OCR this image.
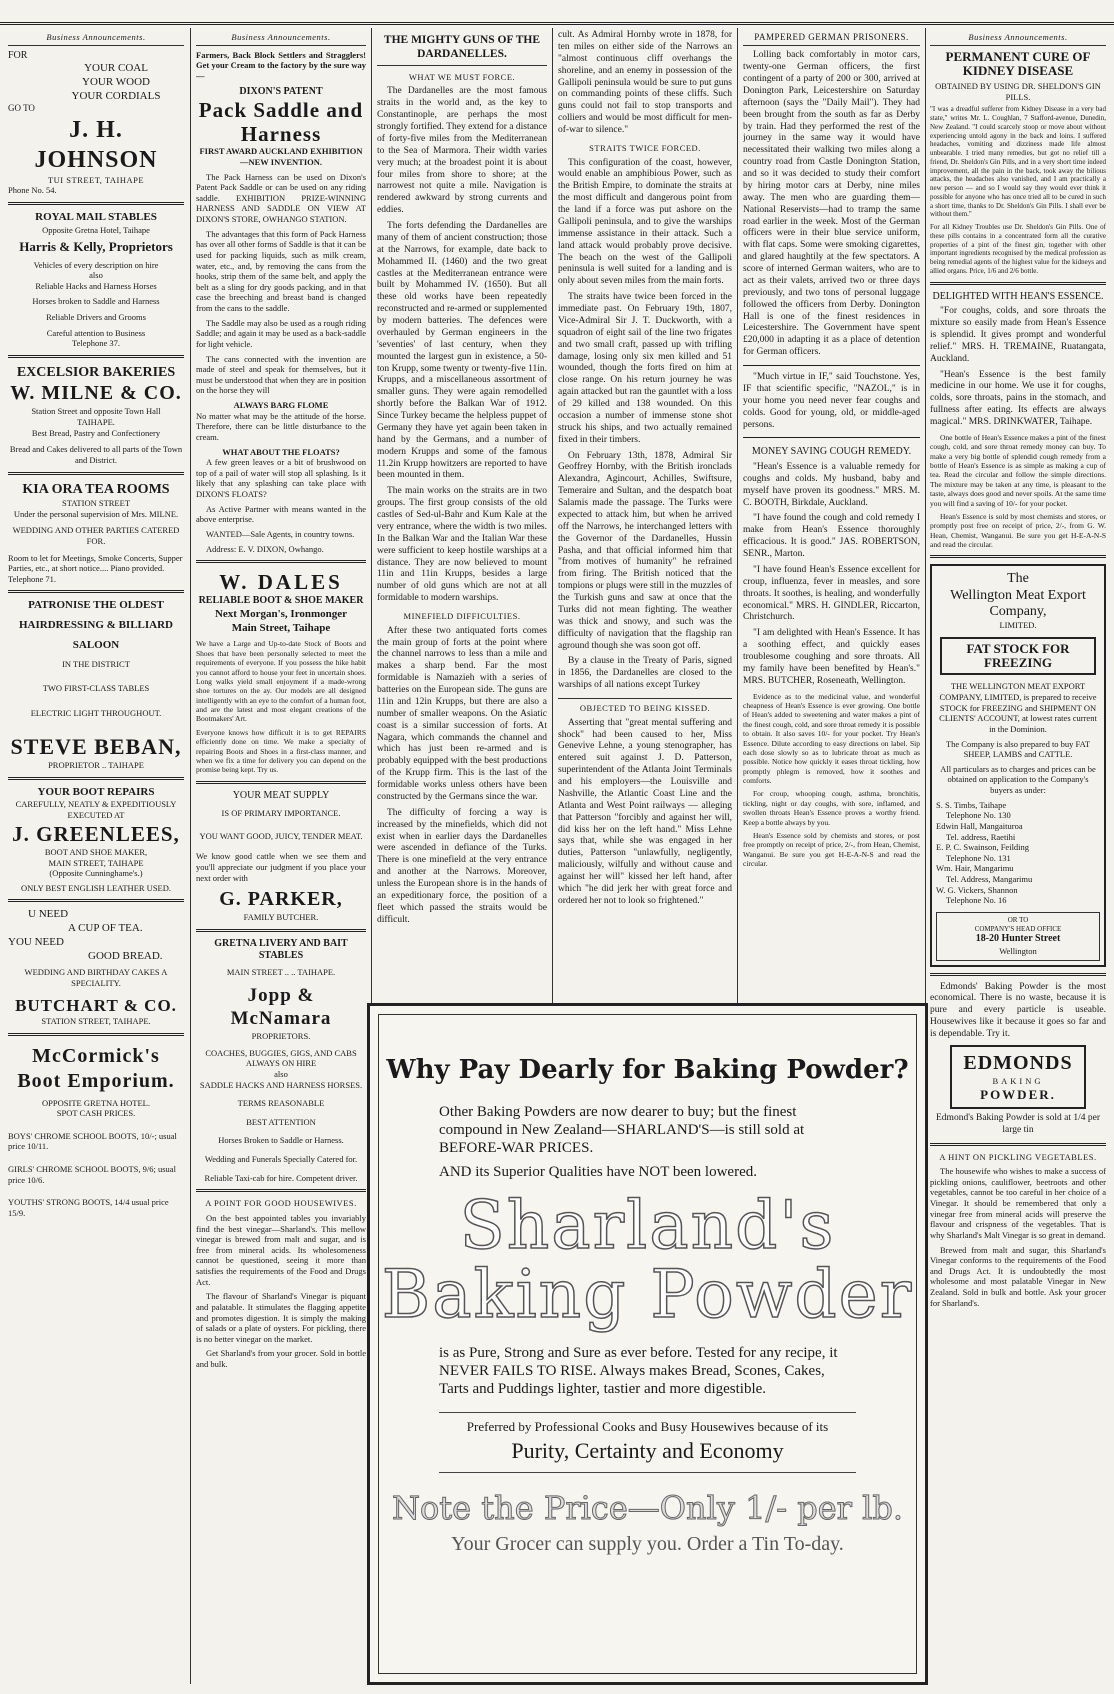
Business Announcements.
FOR
YOUR COAL
YOUR WOOD
YOUR CORDIALS
GO TO
J. H. JOHNSON
TUI STREET, TAIHAPE
Phone No. 54.
ROYAL MAIL STABLES
Opposite Gretna Hotel, Taihape
Harris & Kelly, Proprietors
Vehicles of every description on hire
also
Reliable Hacks and Harness Horses
Horses broken to Saddle and Harness
Reliable Drivers and Grooms
Careful attention to Business
Telephone 37.
EXCELSIOR BAKERIES
W. MILNE & CO.
Station Street and opposite Town Hall
TAIHAPE.
Best Bread, Pastry and Confectionery
Bread and Cakes delivered to all parts of the Town and District.
KIA ORA TEA ROOMS
STATION STREET
Under the personal supervision of Mrs. MILNE.
WEDDING AND OTHER PARTIES CATERED FOR.
Room to let for Meetings, Smoke Concerts, Supper Parties, etc., at short notice.... Piano provided.
Telephone 71.
PATRONISE THE OLDEST
HAIRDRESSING & BILLIARD
SALOON
IN THE DISTRICT
TWO FIRST-CLASS TABLES
ELECTRIC LIGHT THROUGHOUT.
STEVE BEBAN,
PROPRIETOR .. TAIHAPE
YOUR BOOT REPAIRS
CAREFULLY, NEATLY & EXPEDITIOUSLY EXECUTED AT
J. GREENLEES,
BOOT AND SHOE MAKER,
MAIN STREET, TAIHAPE
(Opposite Cunninghame's.)
ONLY BEST ENGLISH LEATHER USED.
U NEED
A CUP OF TEA.
YOU NEED
GOOD BREAD.
WEDDING AND BIRTHDAY CAKES A SPECIALITY.
BUTCHART & CO.
STATION STREET, TAIHAPE.
McCormick's
Boot Emporium.
OPPOSITE GRETNA HOTEL.
SPOT CASH PRICES.
BOYS' CHROME SCHOOL BOOTS, 10/-; usual price 10/11.
GIRLS' CHROME SCHOOL BOOTS, 9/6; usual price 10/6.
YOUTHS' STRONG BOOTS, 14/4 usual price 15/9.
Business Announcements.

Farmers, Back Block Settlers and Stragglers! Get your Cream to the factory by the sure way—

DIXON'S PATENT
Pack Saddle and Harness

FIRST AWARD AUCKLAND EXHIBITION—NEW INVENTION.

The Pack Harness can be used on Dixon's Patent Pack Saddle or can be used on any riding saddle. EXHIBITION PRIZE-WINNING HARNESS AND SADDLE ON VIEW AT DIXON'S STORE, OWHANGO STATION.

The advantages that this form of Pack Harness has over all other forms of Saddle is that it can be used for packing liquids, such as milk cream, water, etc., and, by removing the cans from the hooks, strip them of the same belt, and apply the belt as a sling for dry goods packing, and in that case the breeching and breast band is changed from the cans to the saddle.

The Saddle may also be used as a rough riding Saddle; and again it may be used as a back-saddle for light vehicle.

The cans connected with the invention are made of steel and speak for themselves, but it must be understood that when they are in position on the horse they will

ALWAYS BARG FLOME

No matter what may be the attitude of the horse. Therefore, there can be little disturbance to the cream.

WHAT ABOUT THE FLOATS?

A few green leaves or a bit of brushwood on top of a pail of water will stop all splashing. Is it likely that any splashing can take place with DIXON'S FLOATS?

As Active Partner with means wanted in the above enterprise.

WANTED—Sale Agents, in country towns.

Address: E. V. DIXON, Owhango.

W. DALES
RELIABLE BOOT & SHOE MAKER
Next Morgan's, Ironmonger
Main Street, Taihape

We have a Large and Up-to-date Stock of Boots and Shoes that have been personally selected to meet the requirements of everyone. If you possess the hike habit you cannot afford to house your feet in uncertain shoes. Long walks yield small enjoyment if a made-wrong shoe tortures on the ay. Our models are all designed intelligently with an eye to the comfort of a human foot, and are the latest and most elegant creations of the Bootmakers' Art.

Everyone knows how difficult it is to get REPAIRS efficiently done on time. We make a specialty of repairing Boots and Shoes in a first-class manner, and when we fix a time for delivery you can depend on the promise being kept. Try us.

YOUR MEAT SUPPLY
IS OF PRIMARY IMPORTANCE.
YOU WANT GOOD, JUICY, TENDER MEAT.

We know good cattle when we see them and you'll appreciate our judgment if you place your next order with

G. PARKER,
FAMILY BUTCHER.
GRETNA LIVERY AND BAIT STABLES
MAIN STREET .. .. TAIHAPE.
Jopp & McNamara
PROPRIETORS.
COACHES, BUGGIES, GIGS, AND CABS ALWAYS ON HIRE
also
SADDLE HACKS AND HARNESS HORSES.
TERMS REASONABLE
BEST ATTENTION
Horses Broken to Saddle or Harness.
Wedding and Funerals Specially Catered for.
Reliable Taxi-cab for hire. Competent driver.
A POINT FOR GOOD HOUSEWIVES.

On the best appointed tables you invariably find the best vinegar—Sharland's. This mellow vinegar is brewed from malt and sugar, and is free from mineral acids. Its wholesomeness cannot be questioned, seeing it more than satisfies the requirements of the Food and Drugs Act.

The flavour of Sharland's Vinegar is piquant and palatable. It stimulates the flagging appetite and promotes digestion. It is simply the making of salads or a plate of oysters. For pickling, there is no better vinegar on the market.

Get Sharland's from your grocer. Sold in bottle and bulk.

THE MIGHTY GUNS OF THE DARDANELLES.
WHAT WE MUST FORCE.

The Dardanelles are the most famous straits in the world and, as the key to Constantinople, are perhaps the most strongly fortified. They extend for a distance of forty-five miles from the Mediterranean to the Sea of Marmora. Their width varies very much; at the broadest point it is about four miles from shore to shore; at the narrowest not quite a mile. Navigation is rendered awkward by strong currents and eddies.

The forts defending the Dardanelles are many of them of ancient construction; those at the Narrows, for example, date back to Mohammed II. (1460) and the two great castles at the Mediterranean entrance were built by Mohammed IV. (1650). But all these old works have been repeatedly reconstructed and re-armed or supplemented by modern batteries. The defences were overhauled by German engineers in the 'seventies' of last century, when they mounted the largest gun in existence, a 50-ton Krupp, some twenty or twenty-five 11in. Krupps, and a miscellaneous assortment of smaller guns. They were again remodelled shortly before the Balkan War of 1912. Since Turkey became the helpless puppet of Germany they have yet again been taken in hand by the Germans, and a number of modern Krupps and some of the famous 11.2in Krupp howitzers are reported to have been mounted in them.

The main works on the straits are in two groups. The first group consists of the old castles of Sed-ul-Bahr and Kum Kale at the very entrance, where the width is two miles. In the Balkan War and the Italian War these were sufficient to keep hostile warships at a distance. They are now believed to mount 11in and 11in Krupps, besides a large number of old guns which are not at all formidable to modern warships.

MINEFIELD DIFFICULTIES.

After these two antiquated forts comes the main group of forts at the point where the channel narrows to less than a mile and makes a sharp bend. Far the most formidable is Namazieh with a series of batteries on the European side. The guns are 11in and 12in Krupps, but there are also a number of smaller weapons. On the Asiatic coast is a similar succession of forts. At Nagara, which commands the channel and which has just been re-armed and is probably equipped with the best productions of the Krupp firm. This is the last of the formidable works unless others have been constructed by the Germans since the war.

The difficulty of forcing a way is increased by the minefields, which did not exist when in earlier days the Dardanelles were ascended in defiance of the Turks. There is one minefield at the very entrance and another at the Narrows. Moreover, unless the European shore is in the hands of an expeditionary force, the position of a fleet which passed the straits would be difficult.

cult. As Admiral Hornby wrote in 1878, for ten miles on either side of the Narrows an "almost continuous cliff overhangs the shoreline, and an enemy in possession of the Gallipoli peninsula would be sure to put guns on commanding points of these cliffs. Such guns could not fail to stop transports and colliers and would be most difficult for men-of-war to silence."

STRAITS TWICE FORCED.

This configuration of the coast, however, would enable an amphibious Power, such as the British Empire, to dominate the straits at the most difficult and dangerous point from the land if a force was put ashore on the Gallipoli peninsula, and to give the warships immense assistance in their attack. Such a land attack would probably prove decisive. The beach on the west of the Gallipoli peninsula is well suited for a landing and is only about seven miles from the main forts.

The straits have twice been forced in the immediate past. On February 19th, 1807, Vice-Admiral Sir J. T. Duckworth, with a squadron of eight sail of the line two frigates and two small craft, passed up with trifling damage, losing only six men killed and 51 wounded, though the forts fired on him at close range. On his return journey he was again attacked but ran the gauntlet with a loss of 29 killed and 138 wounded. On this occasion a number of immense stone shot struck his ships, and two actually remained fixed in their timbers.

On February 13th, 1878, Admiral Sir Geoffrey Hornby, with the British ironclads Alexandra, Agincourt, Achilles, Swiftsure, Temeraire and Sultan, and the despatch boat Salamis made the passage. The Turks were expected to attack him, but when he arrived off the Narrows, he interchanged letters with the Governor of the Dardanelles, Hussin Pasha, and that official informed him that "from motives of humanity" he refrained from firing. The British noticed that the tompions or plugs were still in the muzzles of the Turkish guns and saw at once that the Turks did not mean fighting. The weather was thick and snowy, and such was the difficulty of navigation that the flagship ran aground though she was soon got off.

By a clause in the Treaty of Paris, signed in 1856, the Dardanelles are closed to the warships of all nations except Turkey

OBJECTED TO BEING KISSED.

Asserting that "great mental suffering and shock" had been caused to her, Miss Genevive Lehne, a young stenographer, has entered suit against J. D. Patterson, superintendent of the Atlanta Joint Terminals and his employers—the Louisville and Nashville, the Atlantic Coast Line and the Atlanta and West Point railways — alleging that Patterson "forcibly and against her will, did kiss her on the left hand." Miss Lehne says that, while she was engaged in her duties, Patterson "unlawfully, negligently, maliciously, wilfully and without cause and against her will" kissed her left hand, after which "he did jerk her with great force and ordered her not to look so frightened."

PAMPERED GERMAN PRISONERS.

Lolling back comfortably in motor cars, twenty-one German officers, the first contingent of a party of 200 or 300, arrived at Donington Park, Leicestershire on Saturday afternoon (says the "Daily Mail"). They had been brought from the south as far as Derby by train. Had they performed the rest of the journey in the same way it would have necessitated their walking two miles along a country road from Castle Donington Station, and so it was decided to study their comfort by hiring motor cars at Derby, nine miles away. The men who are guarding them—National Reservists—had to tramp the same road earlier in the week. Most of the German officers were in their blue service uniform, with flat caps. Some were smoking cigarettes, and glared haughtily at the few spectators. A score of interned German waiters, who are to act as their valets, arrived two or three days previously, and two tons of personal luggage followed the officers from Derby. Donington Hall is one of the finest residences in Leicestershire. The Government have spent £20,000 in adapting it as a place of detention for German officers.

"Much virtue in IF," said Touchstone. Yes, IF that scientific specific, "NAZOL," is in your home you need never fear coughs and colds. Good for young, old, or middle-aged persons.

MONEY SAVING COUGH REMEDY.

"Hean's Essence is a valuable remedy for coughs and colds. My husband, baby and myself have proven its goodness." MRS. M. C. BOOTH, Birkdale, Auckland.

"I have found the cough and cold remedy I make from Hean's Essence thoroughly efficacious. It is good." JAS. ROBERTSON, SENR., Marton.

"I have found Hean's Essence excellent for croup, influenza, fever in measles, and sore throats. It soothes, is healing, and wonderfully economical." MRS. H. GINDLER, Riccarton, Christchurch.

"I am delighted with Hean's Essence. It has a soothing effect, and quickly eases troublesome coughing and sore throats. All my family have been benefited by Hean's." MRS. BUTCHER, Roseneath, Wellington.

Evidence as to the medicinal value, and wonderful cheapness of Hean's Essence is ever growing. One bottle of Hean's added to sweetening and water makes a pint of the finest cough, cold, and sore throat remedy it is possible to obtain. It also saves 10/- for your pocket. Try Hean's Essence. Dilute according to easy directions on label. Sip each dose slowly so as to lubricate throat as much as possible. Notice how quickly it eases throat tickling, how promptly phlegm is removed, how it soothes and comforts.

For croup, whooping cough, asthma, bronchitis, tickling, night or day coughs, with sore, inflamed, and swollen throats Hean's Essence proves a worthy friend. Keep a bottle always by you.

Hean's Essence sold by chemists and stores, or post free promptly on receipt of price, 2/-, from Hean, Chemist, Wanganui. Be sure you get H-E-A-N-S and read the circular.

Business Announcements.
PERMANENT CURE OF KIDNEY DISEASE
OBTAINED BY USING DR. SHELDON'S GIN PILLS.

"I was a dreadful sufferer from Kidney Disease in a very bad state," writes Mr. L. Coughlan, 7 Stafford-avenue, Dunedin, New Zealand. "I could scarcely stoop or move about without experiencing untold agony in the back and loins. I suffered headaches, vomiting and dizziness made life almost unbearable. I tried many remedies, but got no relief till a friend, Dr. Sheldon's Gin Pills, and in a very short time indeed improvement, all the pain in the back, took away the bilious attacks, the headaches also vanished, and I am practically a new person — and so I would say they would ever think it possible for anyone who has once tried all to be cured in such a short time, thanks to Dr. Sheldon's Gin Pills. I shall ever be without them."

For all Kidney Troubles use Dr. Sheldon's Gin Pills. One of these pills contains in a concentrated form all the curative properties of a pint of the finest gin, together with other important ingredients recognised by the medical profession as being remedial agents of the highest value for the kidneys and allied organs. Price, 1/6 and 2/6 bottle.

DELIGHTED WITH HEAN'S ESSENCE.

"For coughs, colds, and sore throats the mixture so easily made from Hean's Essence is splendid. It gives prompt and wonderful relief." MRS. H. TREMAINE, Ruatangata, Auckland.

"Hean's Essence is the best family medicine in our home. We use it for coughs, colds, sore throats, pains in the stomach, and fullness after eating. Its effects are always magical." MRS. DRINKWATER, Taihape.

One bottle of Hean's Essence makes a pint of the finest cough, cold, and sore throat remedy money can buy. To make a very big bottle of splendid cough remedy from a bottle of Hean's Essence is as simple as making a cup of tea. Read the circular and follow the simple directions. The mixture may be taken at any time, is pleasant to the taste, always does good and never spoils. At the same time you will find a saving of 10/- for your pocket.

Hean's Essence is sold by most chemists and stores, or promptly post free on receipt of price, 2/-, from G. W. Hean, Chemist, Wanganui. Be sure you get H-E-A-N-S and read the circular.

The
Wellington Meat Export Company,
LIMITED.
FAT STOCK FOR FREEZING

THE WELLINGTON MEAT EXPORT COMPANY, LIMITED, is prepared to receive STOCK for FREEZING and SHIPMENT ON CLIENTS' ACCOUNT, at lowest rates current in the Dominion.

The Company is also prepared to buy FAT SHEEP, LAMBS and CATTLE.

All particulars as to charges and prices can be obtained on application to the Company's buyers as under:

S. S. Timbs, Taihape
Telephone No. 130
Edwin Hall, Mangaituroa
Tel. address, Raetihi
E. P. C. Swainson, Feilding
Telephone No. 131
Wm. Hair, Mangarimu
Tel. Address, Mangarimu
W. G. Vickers, Shannon
Telephone No. 16
OR TO
COMPANY'S HEAD OFFICE
18-20 Hunter Street
Wellington

Edmonds' Baking Powder is the most economical. There is no waste, because it is pure and every particle is useable. Housewives like it because it goes so far and is dependable. Try it.

EDMONDS
BAKING
POWDER.

Edmond's Baking Powder is sold at 1/4 per large tin

A HINT ON PICKLING VEGETABLES.

The housewife who wishes to make a success of pickling onions, cauliflower, beetroots and other vegetables, cannot be too careful in her choice of a Vinegar. It should be remembered that only a vinegar free from mineral acids will preserve the flavour and crispness of the vegetables. That is why Sharland's Malt Vinegar is so great in demand.

Brewed from malt and sugar, this Sharland's Vinegar conforms to the requirements of the Food and Drugs Act. It is undoubtedly the most wholesome and most palatable Vinegar in New Zealand. Sold in bulk and bottle. Ask your grocer for Sharland's.

Why Pay Dearly for Baking Powder?
Other Baking Powders are now dearer to buy; but the finest compound in New Zealand—SHARLAND'S—is still sold at BEFORE-WAR PRICES.
AND its Superior Qualities have NOT been lowered.
Sharland's
Baking Powder
is as Pure, Strong and Sure as ever before. Tested for any recipe, it NEVER FAILS TO RISE. Always makes Bread, Scones, Cakes, Tarts and Puddings lighter, tastier and more digestible.
Preferred by Professional Cooks and Busy Housewives because of its
Purity, Certainty and Economy
Note the Price—Only 1/- per lb.
Your Grocer can supply you. Order a Tin To-day.
